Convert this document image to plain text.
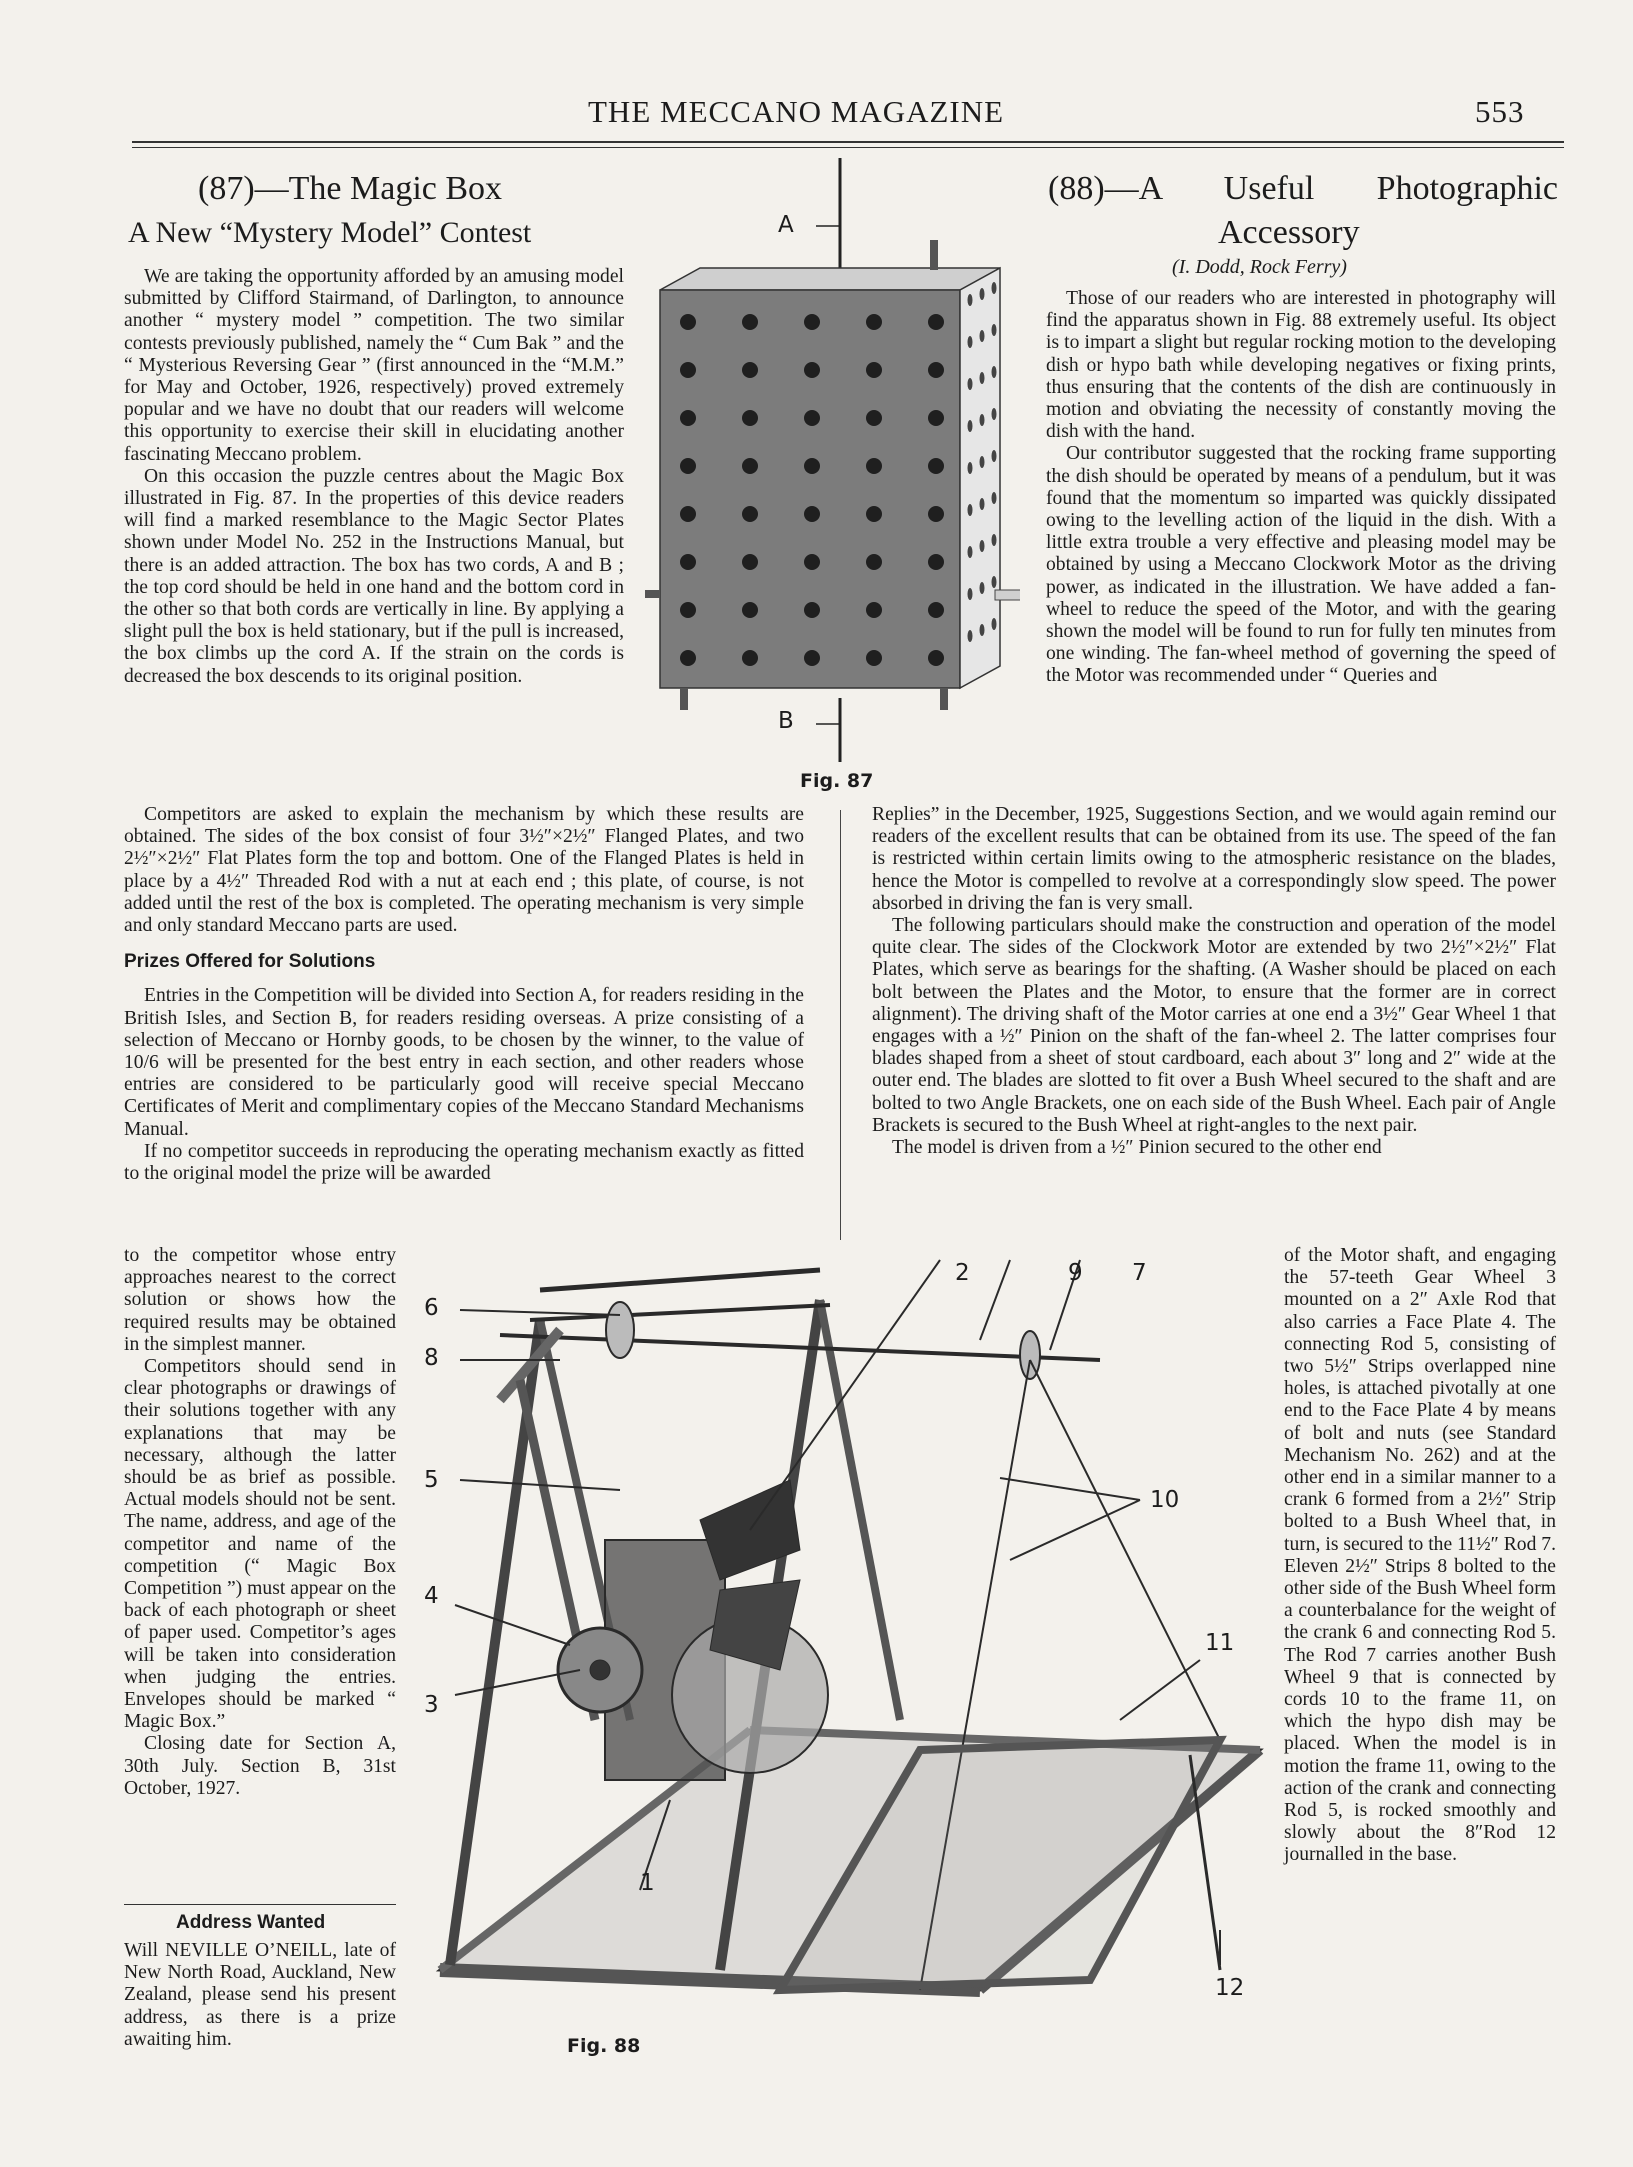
THE MECCANO MAGAZINE	553
(87)—The Magic Box
A New “Mystery Model” Contest

We are taking the opportunity afforded by an amusing model submitted by Clifford Stairmand, of Darlington, to announce another “ mystery model ” competition. The two similar contests previously published, namely the “ Cum Bak ” and the “ Mysterious Reversing Gear ” (first announced in the “M.M.” for May and October, 1926, respectively) proved extremely popular and we have no doubt that our readers will welcome this opportunity to exercise their skill in elucidating another fascinating Meccano problem.

On this occasion the puzzle centres about the Magic Box illustrated in Fig. 87. In the properties of this device readers will find a marked resemblance to the Magic Sector Plates shown under Model No. 252 in the Instructions Manual, but there is an added attraction. The box has two cords, A and B ; the top cord should be held in one hand and the bottom cord in the other so that both cords are vertically in line. By applying a slight pull the box is held stationary, but if the pull is increased, the box climbs up the cord A. If the strain on the cords is decreased the box descends to its original position.

Competitors are asked to explain the mechanism by which these results are obtained. The sides of the box consist of four 3½″×2½″ Flanged Plates, and two 2½″×2½″ Flat Plates form the top and bottom. One of the Flanged Plates is held in place by a 4½″ Threaded Rod with a nut at each end ; this plate, of course, is not added until the rest of the box is completed. The operating mechanism is very simple and only standard Meccano parts are used.

Prizes Offered for Solutions

Entries in the Competition will be divided into Section A, for readers residing in the British Isles, and Section B, for readers residing overseas. A prize consisting of a selection of Meccano or Hornby goods, to be chosen by the winner, to the value of 10/6 will be presented for the best entry in each section, and other readers whose entries are considered to be particularly good will receive special Meccano Certificates of Merit and complimentary copies of the Meccano Standard Mechanisms Manual.

If no competitor succeeds in reproducing the operating mechanism exactly as fitted to the original model the prize will be awarded

to the competitor whose entry approaches nearest to the correct solution or shows how the required results may be obtained in the simplest manner.

Competitors should send in clear photographs or drawings of their solutions together with any explanations that may be necessary, although the latter should be as brief as possible. Actual models should not be sent. The name, address, and age of the competitor and name of the competition (“ Magic Box Competition ”) must appear on the back of each photograph or sheet of paper used. Competitor’s ages will be taken into consideration when judging the entries. Envelopes should be marked “ Magic Box.”

Closing date for Section A, 30th July. Section B, 31st October, 1927.

Address Wanted

Will NEVILLE O’NEILL, late of New North Road, Auckland, New Zealand, please send his present address, as there is a prize awaiting him.

A
B
Fig. 87
(88)—A Useful Photographic
Accessory
(I. Dodd, Rock Ferry)

Those of our readers who are interested in photography will find the apparatus shown in Fig. 88 extremely useful. Its object is to impart a slight but regular rocking motion to the developing dish or hypo bath while developing negatives or fixing prints, thus ensuring that the contents of the dish are continuously in motion and obviating the necessity of constantly moving the dish with the hand.

Our contributor suggested that the rocking frame supporting the dish should be operated by means of a pendulum, but it was found that the momentum so imparted was quickly dissipated owing to the levelling action of the liquid in the dish. With a little extra trouble a very effective and pleasing model may be obtained by using a Meccano Clockwork Motor as the driving power, as indicated in the illustration. We have added a fan-wheel to reduce the speed of the Motor, and with the gearing shown the model will be found to run for fully ten minutes from one winding. The fan-wheel method of governing the speed of the Motor was recommended under “ Queries and

Replies” in the December, 1925, Suggestions Section, and we would again remind our readers of the excellent results that can be obtained from its use. The speed of the fan is restricted within certain limits owing to the atmospheric resistance on the blades, hence the Motor is compelled to revolve at a correspondingly slow speed. The power absorbed in driving the fan is very small.

The following particulars should make the construction and operation of the model quite clear. The sides of the Clockwork Motor are extended by two 2½″×2½″ Flat Plates, which serve as bearings for the shafting. (A Washer should be placed on each bolt between the Plates and the Motor, to ensure that the former are in correct alignment). The driving shaft of the Motor carries at one end a 3½″ Gear Wheel 1 that engages with a ½″ Pinion on the shaft of the fan-wheel 2. The latter comprises four blades shaped from a sheet of stout cardboard, each about 3″ long and 2″ wide at the outer end. The blades are slotted to fit over a Bush Wheel secured to the shaft and are bolted to two Angle Brackets, one on each side of the Bush Wheel. Each pair of Angle Brackets is secured to the Bush Wheel at right-angles to the next pair.

The model is driven from a ½″ Pinion secured to the other end

of the Motor shaft, and engaging the 57-teeth Gear Wheel 3 mounted on a 2″ Axle Rod that also carries a Face Plate 4. The connecting Rod 5, consisting of two 5½″ Strips overlapped nine holes, is attached pivotally at one end to the Face Plate 4 by means of bolt and nuts (see Standard Mechanism No. 262) and at the other end in a similar manner to a crank 6 formed from a 2½″ Strip bolted to a Bush Wheel that, in turn, is secured to the 11½″ Rod 7. Eleven 2½″ Strips 8 bolted to the other side of the Bush Wheel form a counterbalance for the weight of the crank 6 and connecting Rod 5. The Rod 7 carries another Bush Wheel 9 that is connected by cords 10 to the frame 11, on which the hypo dish may be placed. When the model is in motion the frame 11, owing to the action of the crank and connecting Rod 5, is rocked smoothly and slowly about the 8″Rod 12 journalled in the base.

6
8
5
4
3
1
2	9 7
10
11
12
Fig. 88
